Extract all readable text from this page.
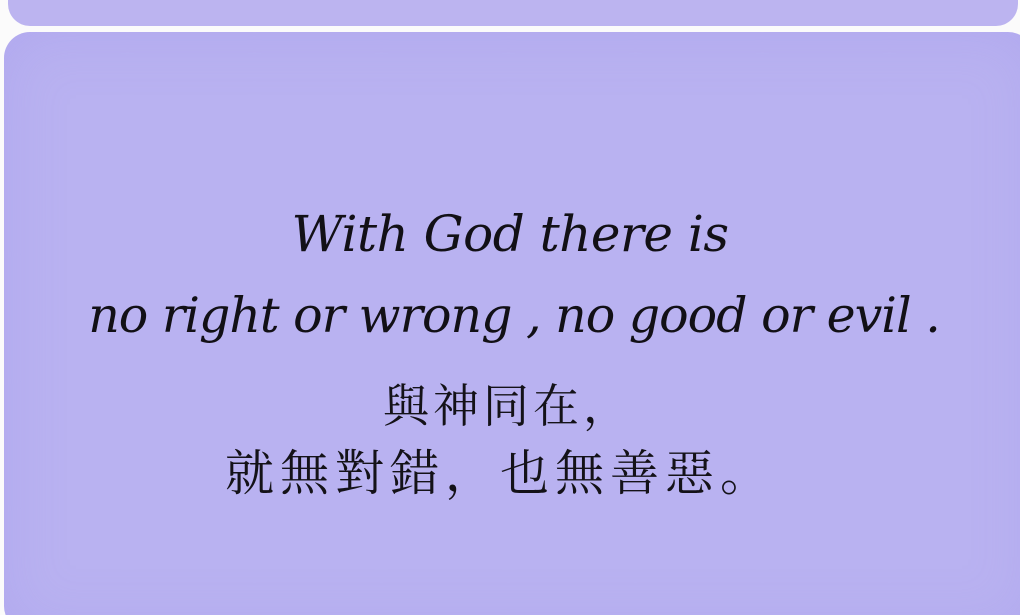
With God there is
no right or wrong , no good or evil .
與神同在，
就無對錯，也無善惡。
